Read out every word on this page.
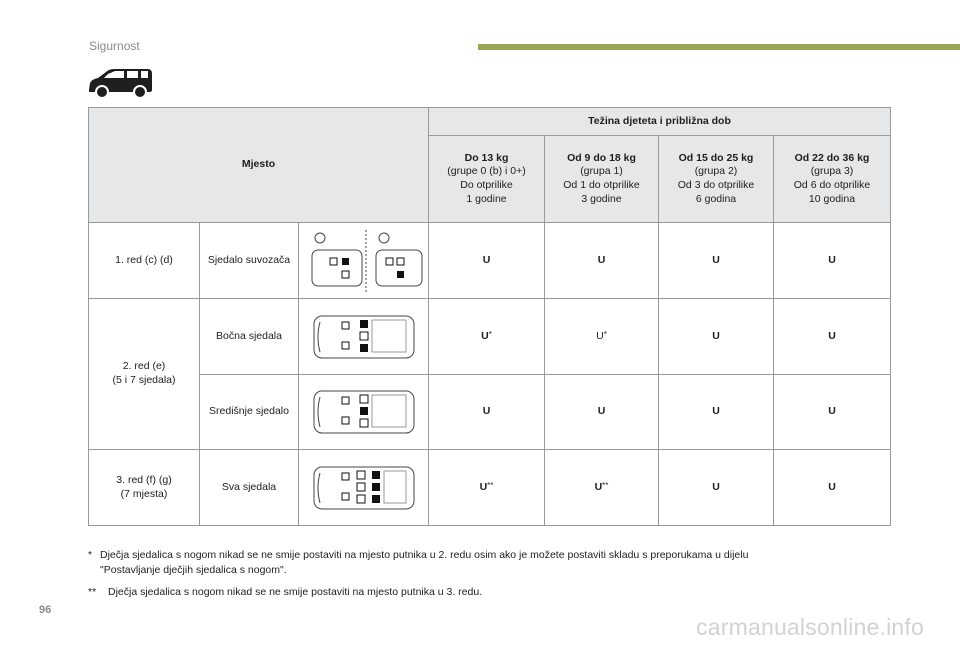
Sigurnost
Mjesto			Težina djeteta i približna dob			
			Do 13 kg
(grupe 0 (b) i 0+)
Do otprilike
1 godine	Od 9 do 18 kg
(grupa 1)
Od 1 do otprilike
3 godine	Od 15 do 25 kg
(grupa 2)
Od 3 do otprilike
6 godina	Od 22 do 36 kg
(grupa 3)
Od 6 do otprilike
10 godina
1. red (c) (d)	Sjedalo suvozača		U	U	U	U
2. red (e)
(5 i 7 sjedala)	Bočna sjedala		U*	U*	U	U
	Središnje sjedalo		U	U	U	U
3. red (f) (g)
(7 mjesta)	Sva sjedala		U**	U**	U	U
* Dječja sjedalica s nogom nikad se ne smije postaviti na mjesto putnika u 2. redu osim ako je možete postaviti skladu s preporukama u dijelu
"Postavljanje dječjih sjedalica s nogom".
** Dječja sjedalica s nogom nikad se ne smije postaviti na mjesto putnika u 3. redu.
96
carmanualsonline.info
